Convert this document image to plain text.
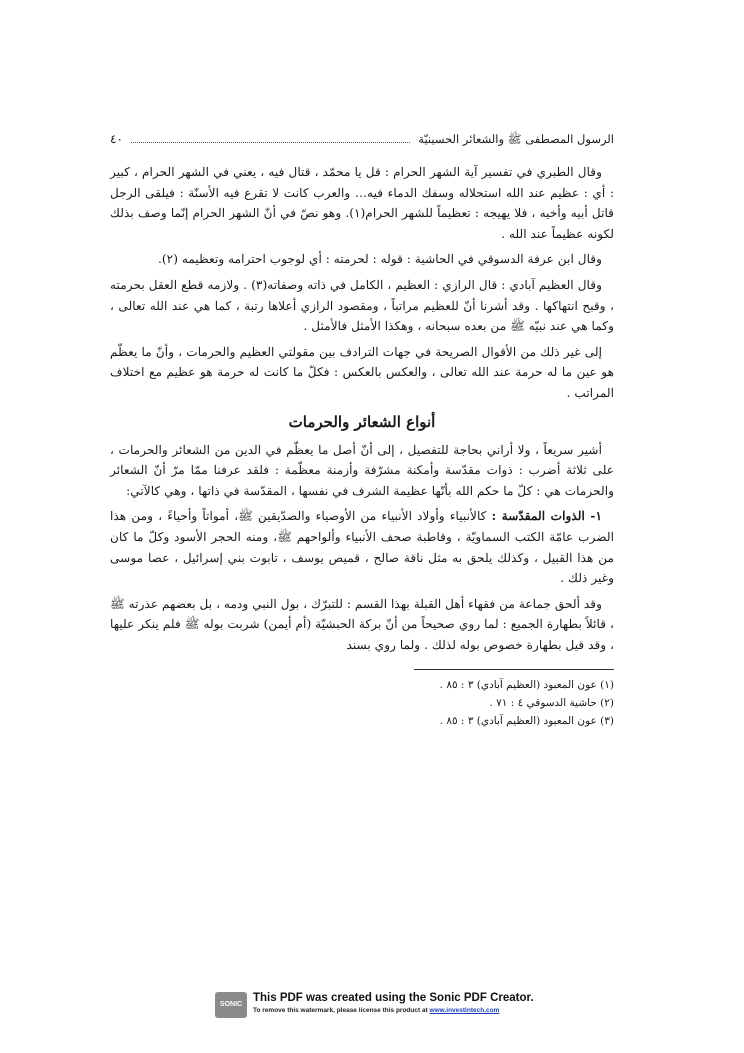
الرسول المصطفى ﷺ والشعائر الحسينيّة
٤٠

وقال الطبري في تفسير آية الشهر الحرام : قل يا محمّد ، قتال فيه ، يعني في الشهر الحرام ، كبير : أي : عظيم عند الله استحلاله وسفك الدماء فيه… والعرب كانت لا تقرع فيه الأسنّة : فيلقى الرجل قاتل أبيه وأخيه ، فلا يهيجه : تعظيماً للشهر الحرام(١). وهو نصّ في أنّ الشهر الحرام إنّما وصف بذلك لكونه عظيماً عند الله .

وقال ابن عرفة الدسوقي في الحاشية : قوله : لحرمته : أي لوجوب احترامه وتعظيمه (٢).

وقال العظيم آبادي : قال الرازي : العظيم ، الكامل في ذاته وصفاته(٣) . ولازمه قطع العقل بحرمته ، وقبح انتهاكها . وقد أشرنا أنّ للعظيم مراتباً ، ومقصود الرازي أعلاها رتبة ، كما هي عند الله تعالى ، وكما هي عند نبيّه ﷺ من بعده سبحانه ، وهكذا الأمثل فالأمثل .

إلى غير ذلك من الأقوال الصريحة في جهات الترادف بين مقولتي العظيم والحرمات ، وأنّ ما يعظّم هو عين ما له حرمة عند الله تعالى ، والعكس بالعكس : فكلّ ما كانت له حرمة هو عظيم مع اختلاف المراتب .

أنواع الشعائر والحرمات

أشير سريعاً ، ولا أراني بحاجة للتفصيل ، إلى أنّ أصل ما يعظّم في الدين من الشعائر والحرمات ، على ثلاثة أضرب : ذوات مقدّسة وأمكنة مشرّفة وأزمنة معظّمة : فلقد عرفنا ممّا مرّ أنّ الشعائر والحرمات هي : كلّ ما حكم الله بأنّها عظيمة الشرف في نفسها ، المقدّسة في ذاتها ، وهي كالآتي:

١- الذوات المقدّسة : كالأنبياء وأولاد الأنبياء من الأوصياء والصدّيقين ﷺ، أمواتاً وأحياءً ، ومن هذا الضرب عامّة الكتب السماويّة ، وقاطبة صحف الأنبياء وألواحهم ﷺ، ومنه الحجر الأسود وكلّ ما كان من هذا القبيل ، وكذلك يلحق به مثل ناقة صالح ، قميص يوسف ، تابوت بني إسرائيل ، عصا موسى وغير ذلك .

وقد ألحق جماعة من فقهاء أهل القبلة بهذا القسم : للتبرّك ، بول النبي ودمه ، بل بعضهم عذرته ﷺ ، قائلاً بطهارة الجميع : لما روي صحيحاً من أنّ بركة الحبشيّة (أم أيمن) شربت بوله ﷺ فلم ينكر عليها ، وقد قيل بطهارة خصوص بوله لذلك . ولما روي بسند

(١) عون المعبود (العظيم آبادي) ٣ : ٨٥ .

(٢) حاشية الدسوقي ٤ : ٧١ .

(٣) عون المعبود (العظيم آبادي) ٣ : ٨٥ .

SONIC PDF
This PDF was created using the Sonic PDF Creator.
To remove this watermark, please license this product at www.investintech.com
